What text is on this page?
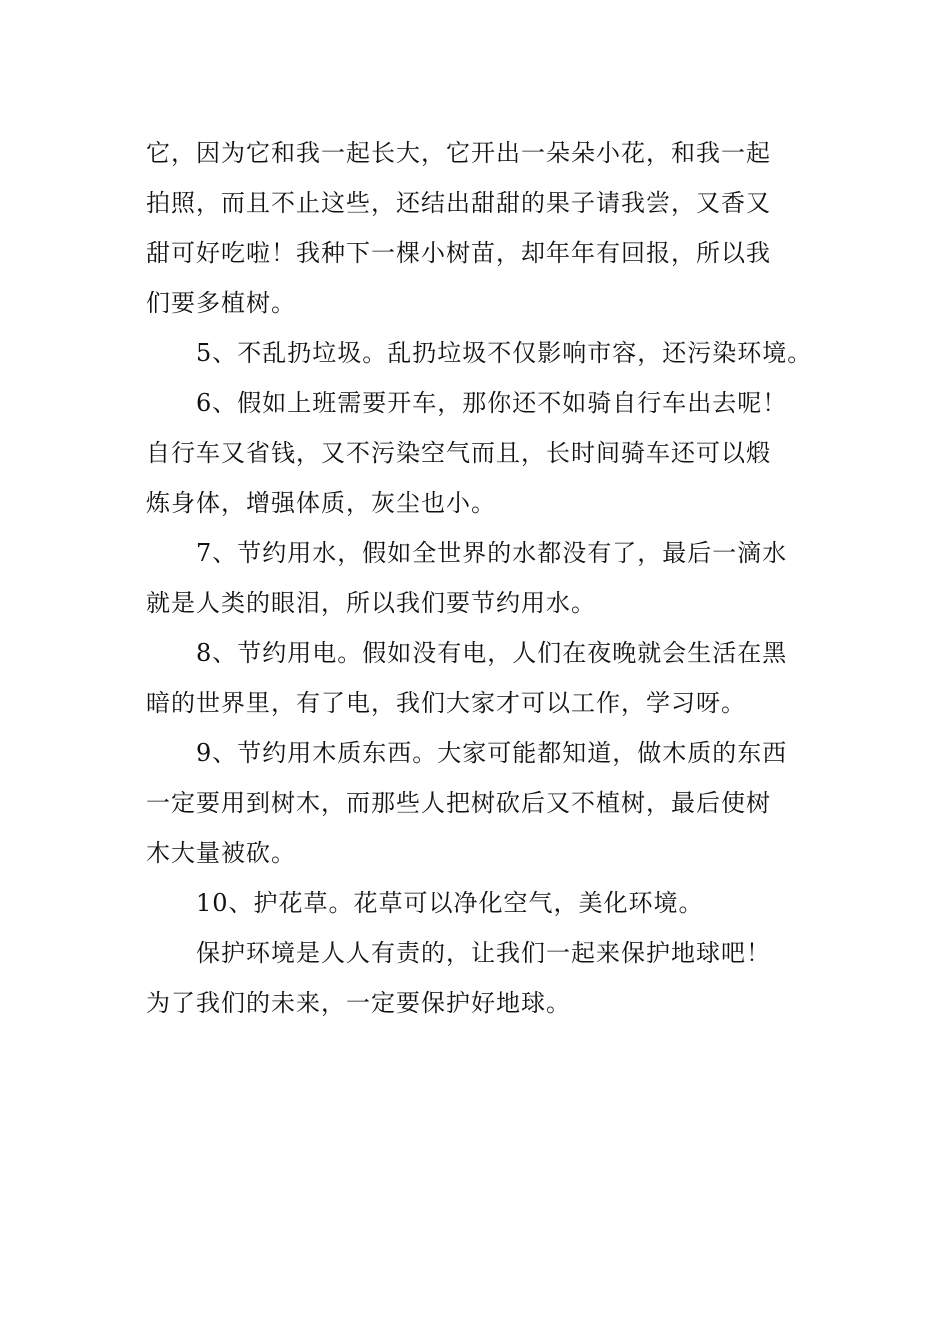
它，因为它和我一起长大，它开出一朵朵小花，和我一起
拍照，而且不止这些，还结出甜甜的果子请我尝，又香又
甜可好吃啦！我种下一棵小树苗，却年年有回报，所以我
们要多植树。
　　5、不乱扔垃圾。乱扔垃圾不仅影响市容，还污染环境。
　　6、假如上班需要开车，那你还不如骑自行车出去呢！
自行车又省钱，又不污染空气而且，长时间骑车还可以煅
炼身体，增强体质，灰尘也小。
　　7、节约用水，假如全世界的水都没有了，最后一滴水
就是人类的眼泪，所以我们要节约用水。
　　8、节约用电。假如没有电，人们在夜晚就会生活在黑
暗的世界里，有了电，我们大家才可以工作，学习呀。
　　9、节约用木质东西。大家可能都知道，做木质的东西
一定要用到树木，而那些人把树砍后又不植树，最后使树
木大量被砍。
　　10、护花草。花草可以净化空气，美化环境。
　　保护环境是人人有责的，让我们一起来保护地球吧！
为了我们的未来，一定要保护好地球。
